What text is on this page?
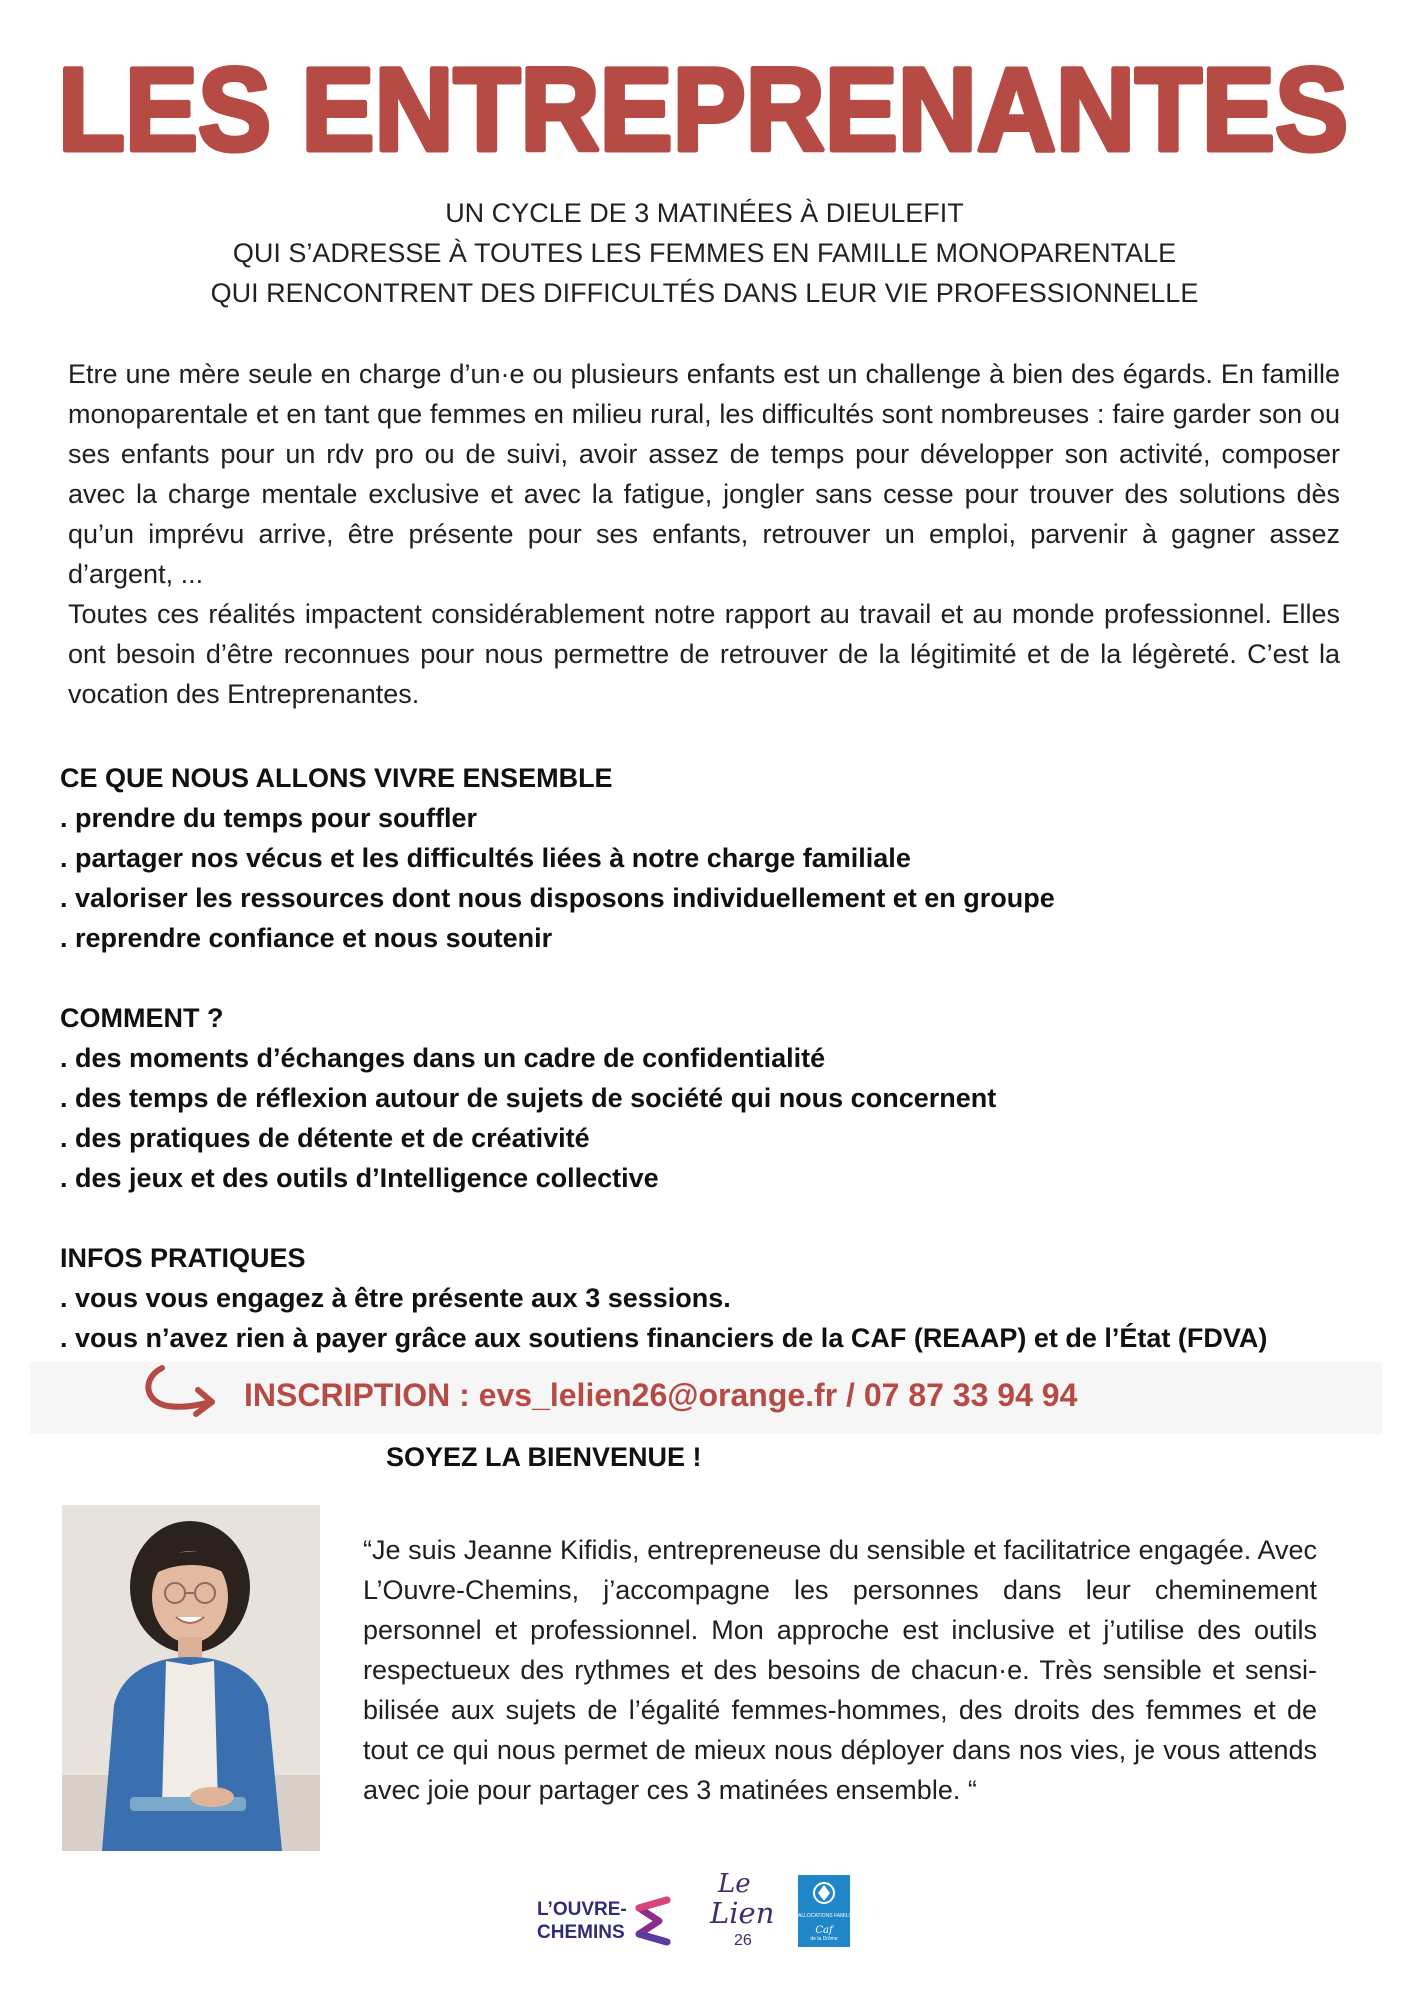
LES ENTREPRENANTES
UN CYCLE DE 3 MATINÉES À DIEULEFIT
QUI S’ADRESSE À TOUTES LES FEMMES EN FAMILLE MONOPARENTALE
QUI RENCONTRENT DES DIFFICULTÉS DANS LEUR VIE PROFESSIONNELLE

Etre une mère seule en charge d’un·e ou plusieurs enfants est un challenge à bien des égards. En famille monoparentale et en tant que femmes en milieu rural, les difficultés sont nombreuses : faire garder son ou ses enfants pour un rdv pro ou de suivi, avoir assez de temps pour développer son activité, composer avec la charge mentale exclusive et avec la fatigue, jongler sans cesse pour trouver des solutions dès qu’un imprévu arrive, être présente pour ses enfants, retrouver un emploi, parvenir à gagner assez d’argent, ...

Toutes ces réalités impactent considérablement notre rapport au travail et au monde professionnel. Elles ont besoin d’être reconnues pour nous permettre de retrouver de la légitimité et de la légèreté. C’est la vocation des Entreprenantes.

CE QUE NOUS ALLONS VIVRE ENSEMBLE
. prendre du temps pour souffler
. partager nos vécus et les difficultés liées à notre charge familiale
. valoriser les ressources dont nous disposons individuellement et en groupe
. reprendre confiance et nous soutenir
COMMENT ?
. des moments d’échanges dans un cadre de confidentialité
. des temps de réflexion autour de sujets de société qui nous concernent
. des pratiques de détente et de créativité
. des jeux et des outils d’Intelligence collective
INFOS PRATIQUES
. vous vous engagez à être présente aux 3 sessions.
. vous n’avez rien à payer grâce aux soutiens financiers de la CAF (REAAP) et de l’État (FDVA)
INSCRIPTION : evs_lelien26@orange.fr / 07 87 33 94 94
SOYEZ LA BIENVENUE !
“Je suis Jeanne Kifidis, entrepreneuse du sensible et facilitatrice engagée. Avec L’Ouvre-Chemins, j’accompagne les personnes dans leur cheminement personnel et professionnel. Mon approche est inclusive et j’utilise des outils respectueux des rythmes et des besoins de chacun·e. Très sensible et sensi-bilisée aux sujets de l’égalité femmes-hommes, des droits des femmes et de tout ce qui nous permet de mieux nous déployer dans nos vies, je vous attends avec joie pour partager ces 3 matinées ensemble. “
L’OUVRE-
CHEMINS
Le
Lien
26
ALLOCATIONS FAMILIALES
Caf
de la Drôme
